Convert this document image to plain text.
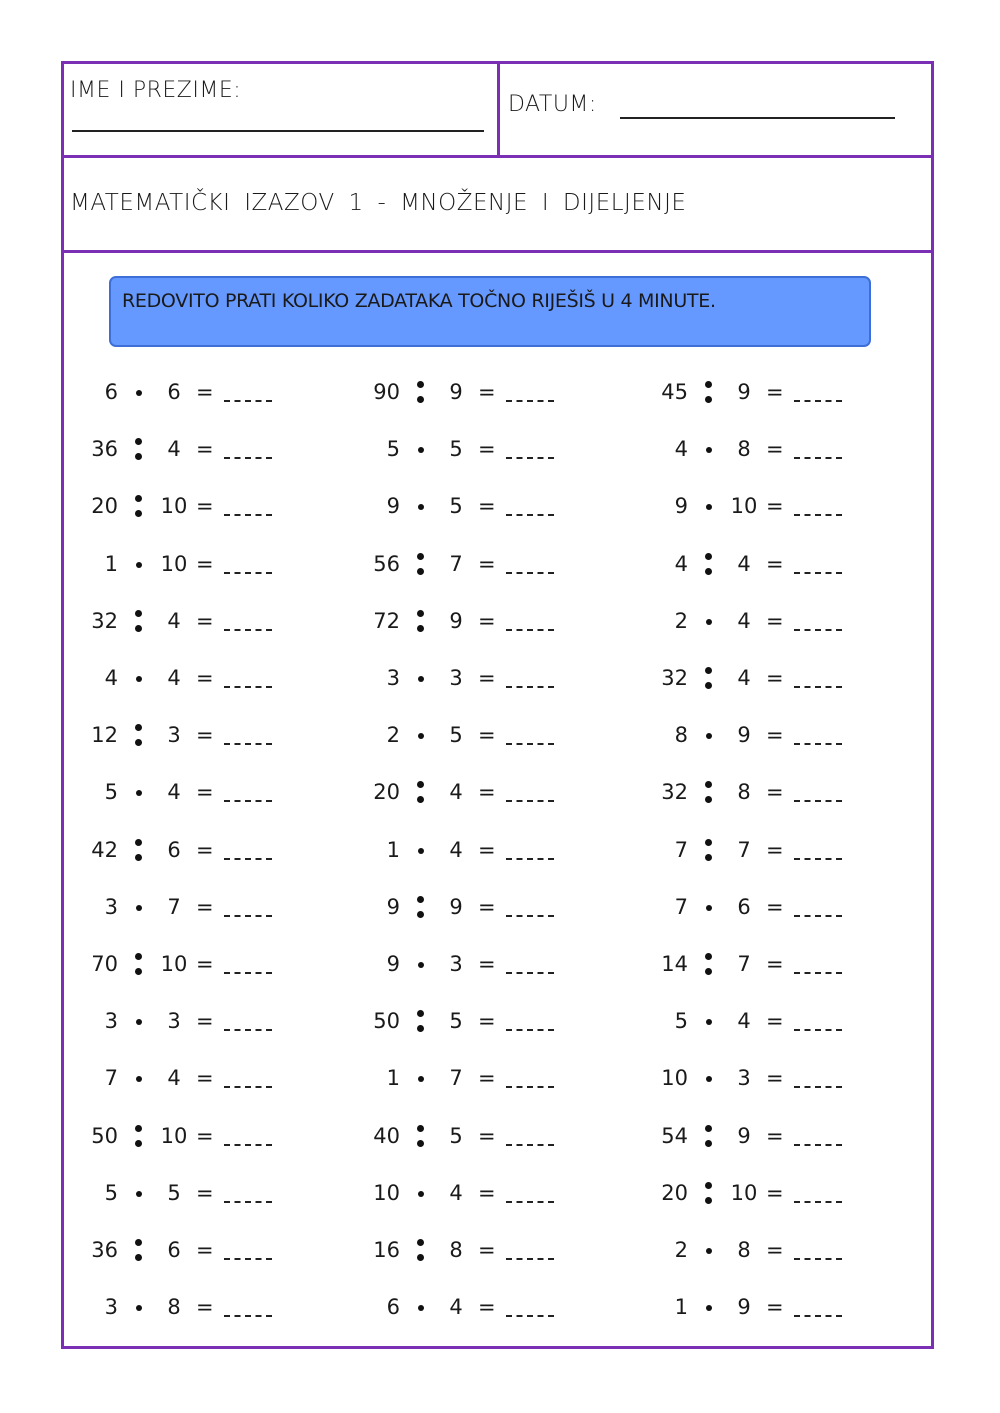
IME I PREZIME:
DATUM:
MATEMATIČKI IZAZOV 1 - MNOŽENJE I DIJELJENJE
REDOVITO PRATI KOLIKO ZADATAKA TOČNO RIJEŠIŠ U 4 MINUTE.
6	6 =
36	4 =
20 10 =
1 10 =
32	4 =
4	4 =
12	3 =
5	4 =
42	6 =
3	7 =
70 10 =
3	3 =
7	4 =
50 10 =
5	5 =
36	6 =
3	8 =
90	9 =
5	5 =
9	5 =
56	7 =
72	9 =
3	3 =
2	5 =
20	4 =
1	4 =
9	9 =
9	3 =
50	5 =
1	7 =
40	5 =
10	4 =
16	8 =
6	4 =
45	9 =
4	8 =
9 10 =
4	4 =
2	4 =
32	4 =
8	9 =
32	8 =
7	7 =
7	6 =
14	7 =
5	4 =
10	3 =
54	9 =
20 10 =
2	8 =
1	9 =
